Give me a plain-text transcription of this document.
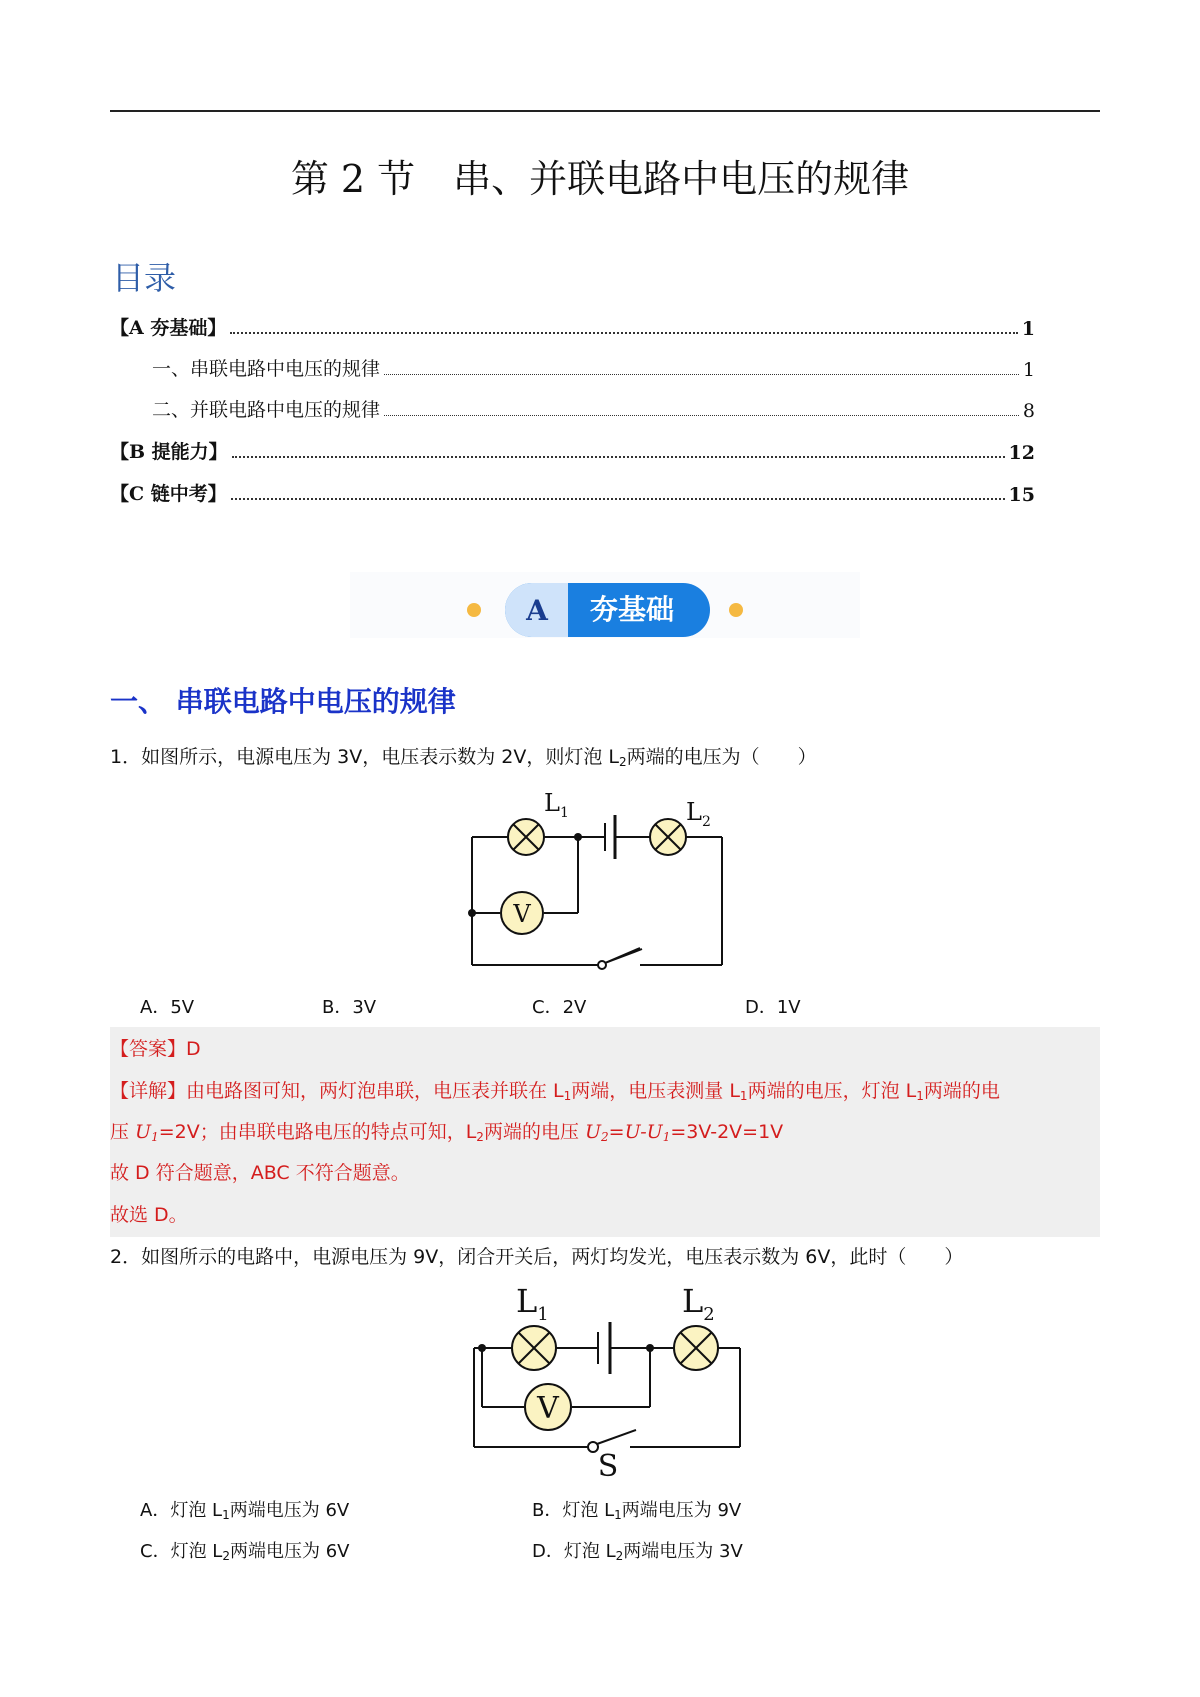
第 2 节　串、并联电路中电压的规律
目录
【A 夯基础】	1
一、串联电路中电压的规律	1
二、并联电路中电压的规律	8
【B 提能力】	12
【C 链中考】	15
A 夯基础
一、 串联电路中电压的规律
1．如图所示，电源电压为 3V，电压表示数为 2V，则灯泡 $L_2$两端的电压为（　　）
V
$L_1$	$L_2$
A．5V	B．3V	C．2V	D．1V
【答案】D
【详解】由电路图可知，两灯泡串联，电压表并联在 $L_1$两端，电压表测量 $L_1$两端的电压，灯泡 $L_1$两端的电
压 $U_1=2V$；由串联电路电压的特点可知，$L_2$两端的电压 $U_2=U-U_1=3V-2V=1V$
故 D 符合题意，ABC 不符合题意。
故选 D。
2．如图所示的电路中，电源电压为 9V，闭合开关后，两灯均发光，电压表示数为 6V，此时（　　）
V
$L_1$	$L_2$
S
A．灯泡 $L_1$两端电压为 6V	B．灯泡 $L_1$两端电压为 9V
C．灯泡 $L_2$两端电压为 6V	D．灯泡 $L_2$两端电压为 3V
